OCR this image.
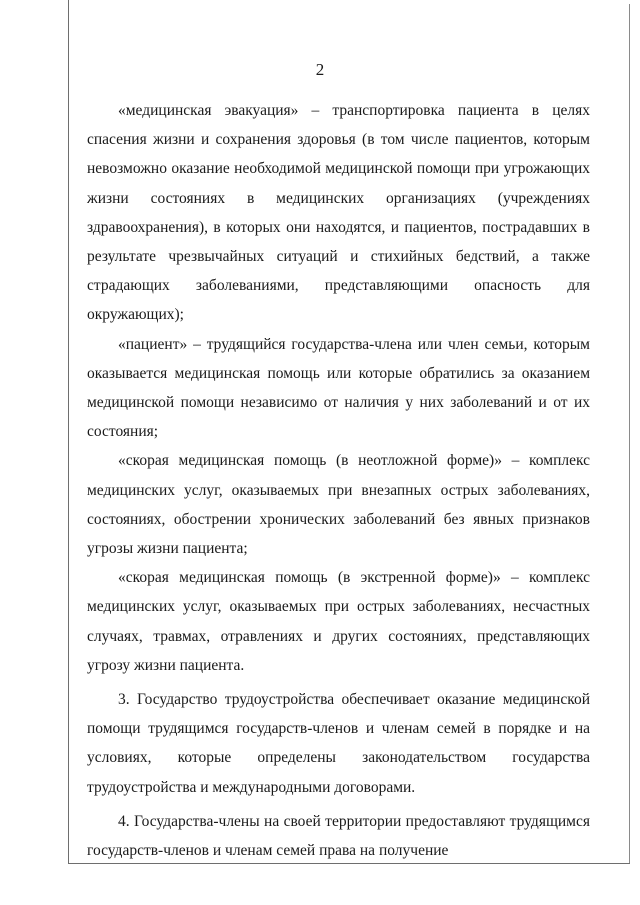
2

«медицинская эвакуация» – транспортировка пациента в целях спасения жизни и сохранения здоровья (в том числе пациентов, которым невозможно оказание необходимой медицинской помощи при угрожающих жизни состояниях в медицинских организациях (учреждениях здравоохранения), в которых они находятся, и пациентов, пострадавших в результате чрезвычайных ситуаций и стихийных бедствий, а также страдающих заболеваниями, представляющими опасность для окружающих);

«пациент» – трудящийся государства-члена или член семьи, которым оказывается медицинская помощь или которые обратились за оказанием медицинской помощи независимо от наличия у них заболеваний и от их состояния;

«скорая медицинская помощь (в неотложной форме)» – комплекс медицинских услуг, оказываемых при внезапных острых заболеваниях, состояниях, обострении хронических заболеваний без явных признаков угрозы жизни пациента;

«скорая медицинская помощь (в экстренной форме)» – комплекс медицинских услуг, оказываемых при острых заболеваниях, несчастных случаях, травмах, отравлениях и других состояниях, представляющих угрозу жизни пациента.

3. Государство трудоустройства обеспечивает оказание медицинской помощи трудящимся государств-членов и членам семей в порядке и на условиях, которые определены законодательством государства трудоустройства и международными договорами.

4. Государства-члены на своей территории предоставляют трудящимся государств-членов и членам семей права на получение
